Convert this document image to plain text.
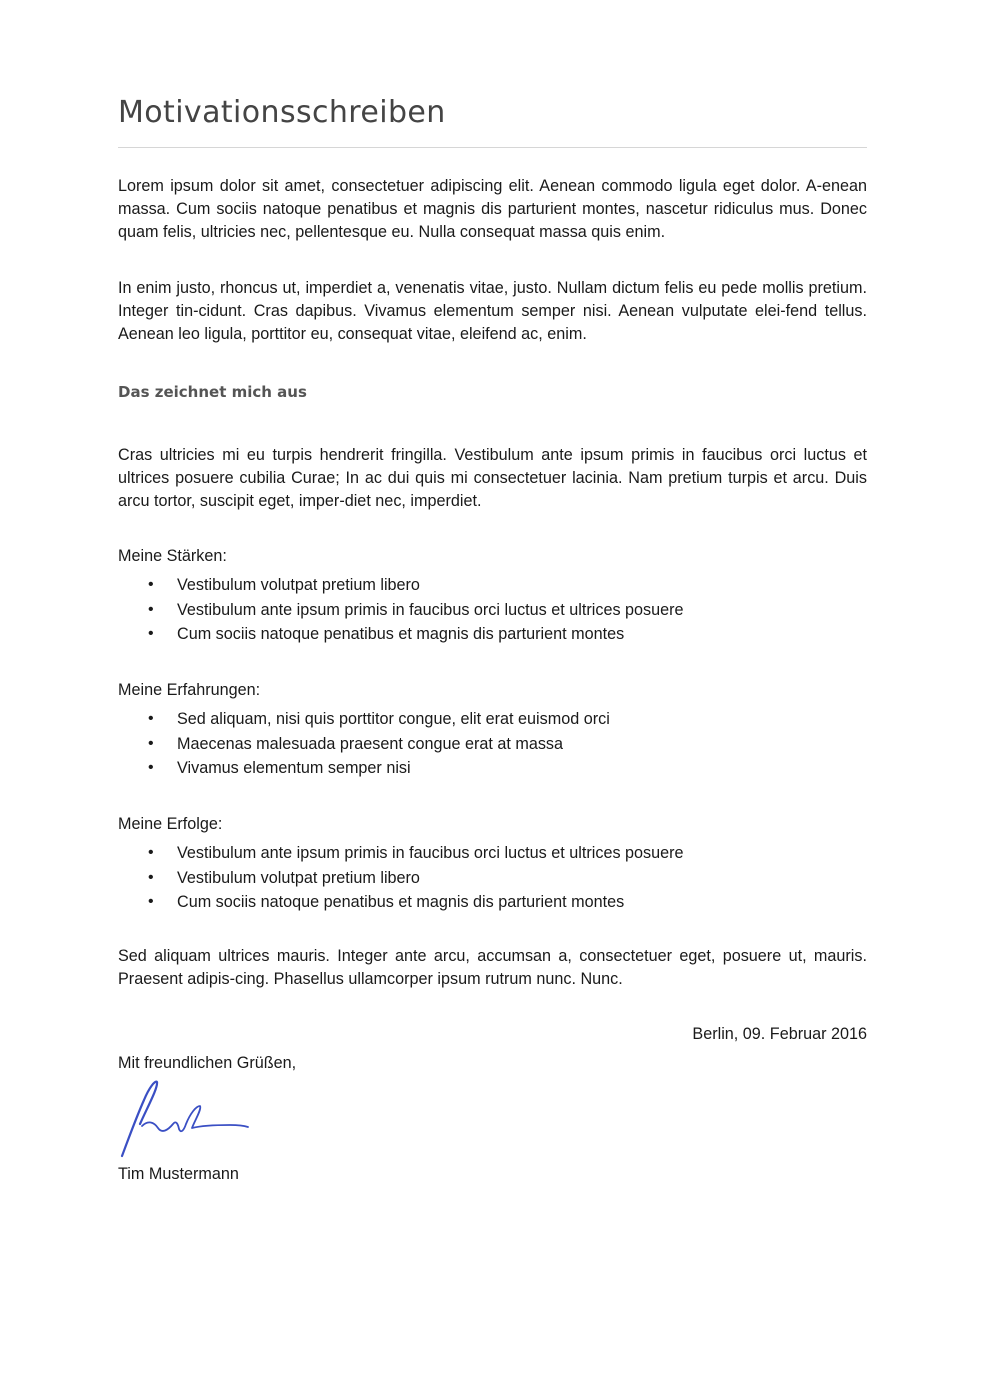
Motivationsschreiben

Lorem ipsum dolor sit amet, consectetuer adipiscing elit. Aenean commodo ligula eget dolor. A-enean massa. Cum sociis natoque penatibus et magnis dis parturient montes, nascetur ridiculus mus. Donec quam felis, ultricies nec, pellentesque eu. Nulla consequat massa quis enim.

In enim justo, rhoncus ut, imperdiet a, venenatis vitae, justo. Nullam dictum felis eu pede mollis pretium. Integer tin-cidunt. Cras dapibus. Vivamus elementum semper nisi. Aenean vulputate elei-fend tellus. Aenean leo ligula, porttitor eu, consequat vitae, eleifend ac, enim.

Das zeichnet mich aus

Cras ultricies mi eu turpis hendrerit fringilla. Vestibulum ante ipsum primis in faucibus orci luctus et ultrices posuere cubilia Curae; In ac dui quis mi consectetuer lacinia. Nam pretium turpis et arcu. Duis arcu tortor, suscipit eget, imper-diet nec, imperdiet.

Meine Stärken:

• Vestibulum volutpat pretium libero
• Vestibulum ante ipsum primis in faucibus orci luctus et ultrices posuere
• Cum sociis natoque penatibus et magnis dis parturient montes

Meine Erfahrungen:

• Sed aliquam, nisi quis porttitor congue, elit erat euismod orci
• Maecenas malesuada praesent congue erat at massa
• Vivamus elementum semper nisi

Meine Erfolge:

• Vestibulum ante ipsum primis in faucibus orci luctus et ultrices posuere
• Vestibulum volutpat pretium libero
• Cum sociis natoque penatibus et magnis dis parturient montes

Sed aliquam ultrices mauris. Integer ante arcu, accumsan a, consectetuer eget, posuere ut, mauris. Praesent adipis-cing. Phasellus ullamcorper ipsum rutrum nunc. Nunc.

Berlin, 09. Februar 2016

Mit freundlichen Grüßen,

Tim Mustermann
